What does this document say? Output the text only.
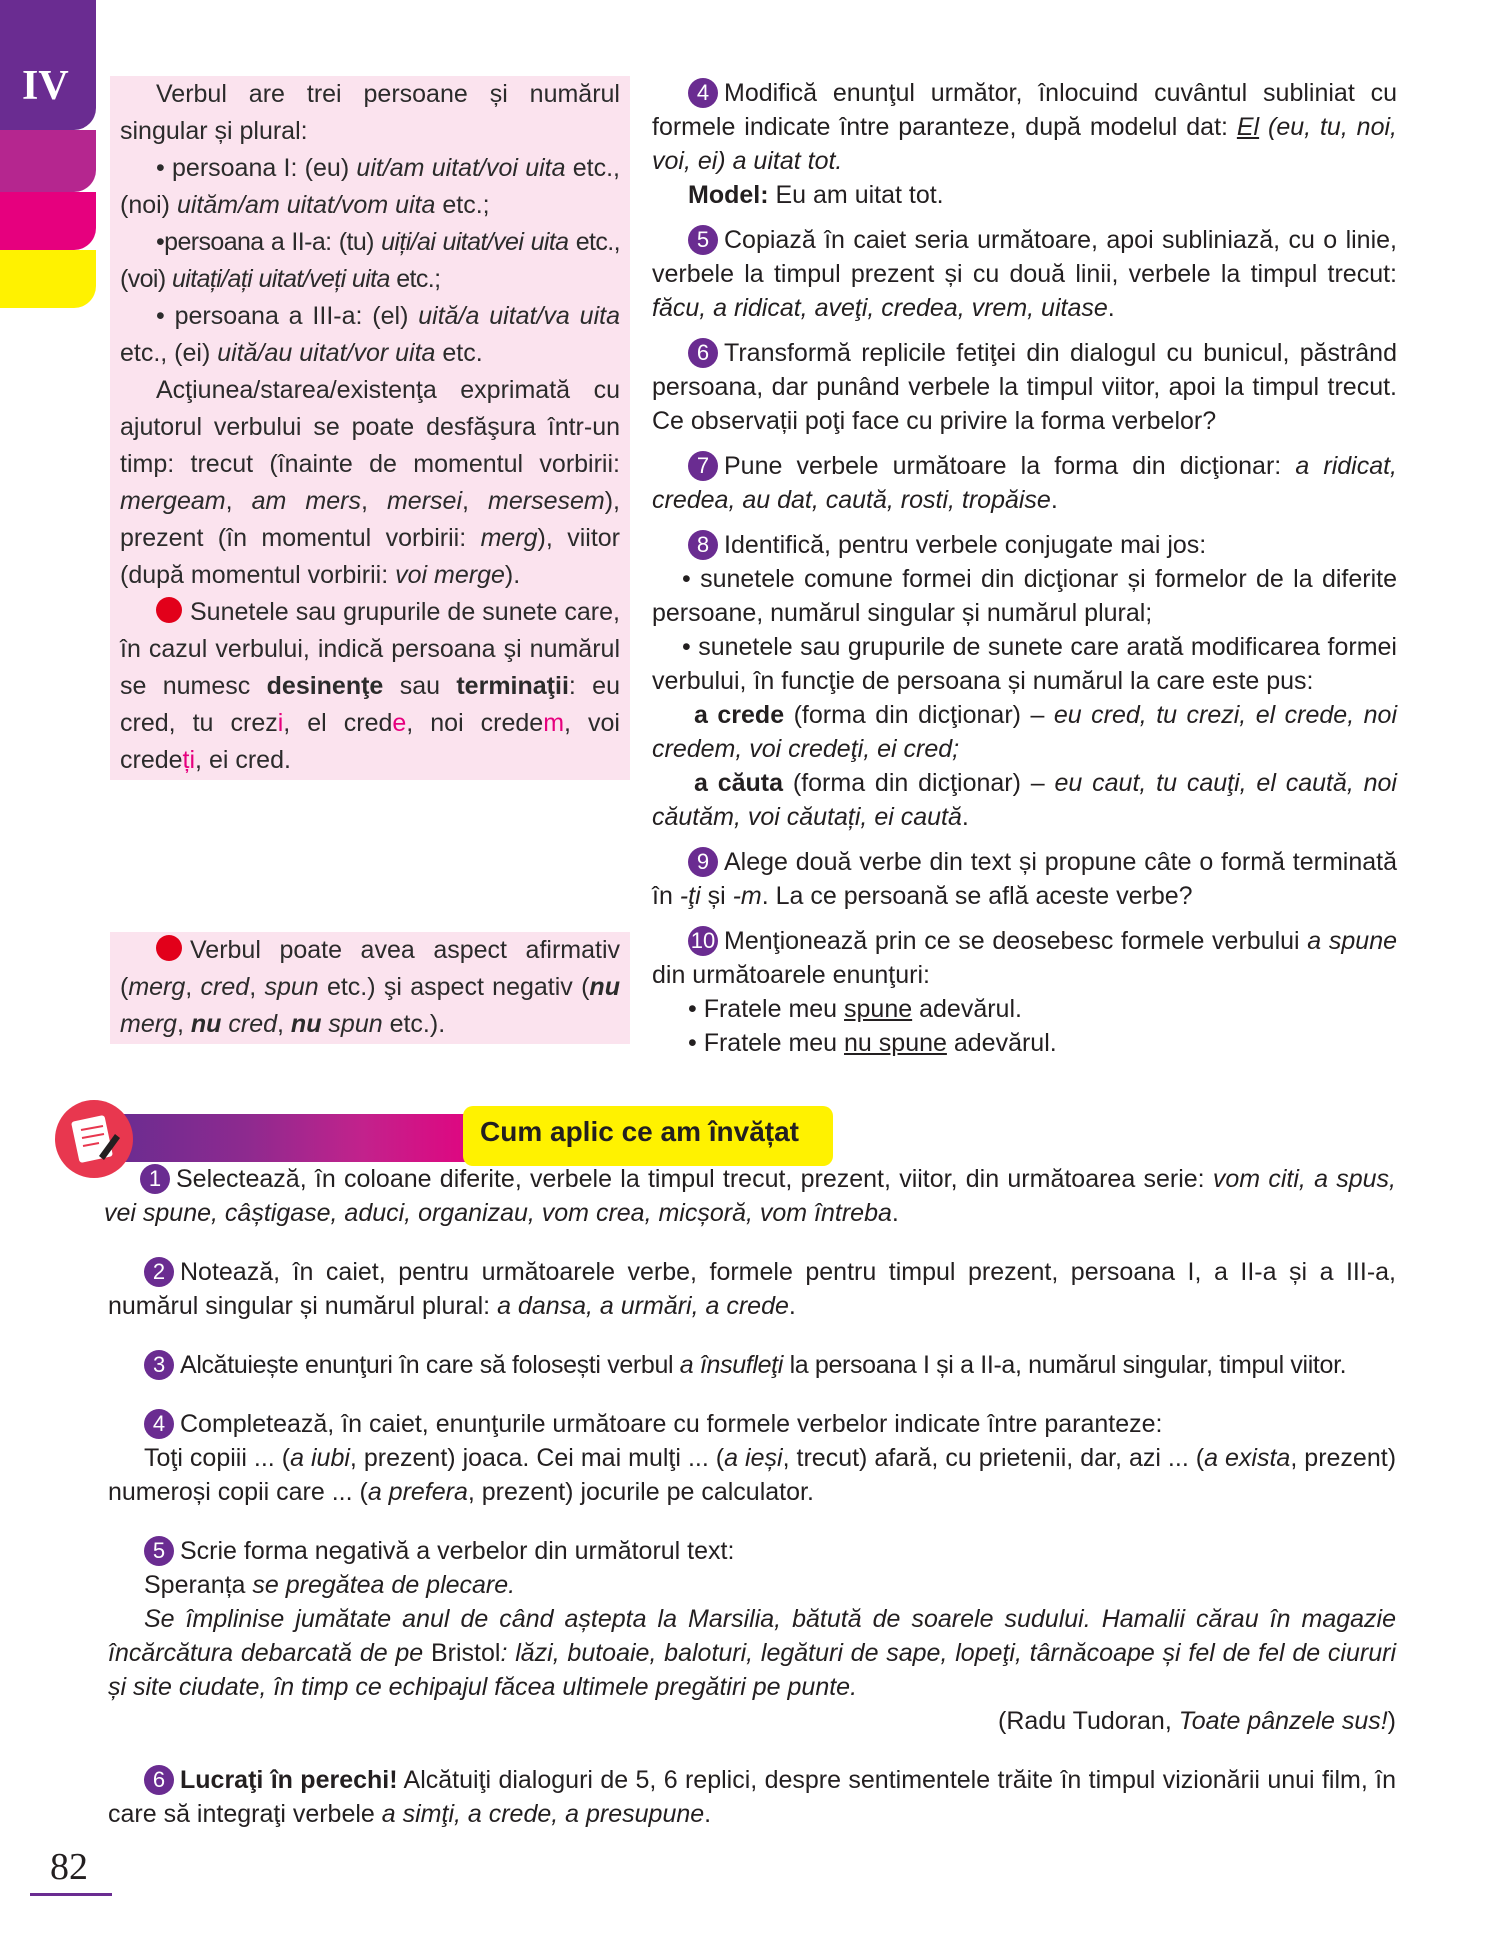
IV	Verbul are trei persoane și numărul singular și plural:

• persoana I: (eu) uit/am uitat/voi uita etc., (noi) uităm/am uitat/vom uita etc.;

•persoana a II-a: (tu) uiți/ai uitat/vei uita etc., (voi) uitați/ați uitat/veți uita etc.;

• persoana a III-a: (el) uită/a uitat/va uita etc., (ei) uită/au uitat/vor uita etc.

Acţiunea/starea/existenţa exprimată cu ajutorul verbului se poate desfăşura într-un timp: trecut (înainte de momentul vorbirii: mergeam, am mers, mersei, mersesem), prezent (în momentul vorbirii: merg), viitor (după momentul vorbirii: voi merge).

Sunetele sau grupurile de sunete care, în cazul verbului, indică persoana şi numărul se numesc desinenţe sau terminaţii: eu cred, tu crezi, el crede, noi credem, voi credeți, ei cred.

Verbul poate avea aspect afirmativ (merg, cred, spun etc.) şi aspect negativ (nu merg, nu cred, nu spun etc.).

4 Modifică enunţul următor, înlocuind cuvântul subliniat cu formele indicate între paranteze, după modelul dat: El (eu, tu, noi, voi, ei) a uitat tot.

Model: Eu am uitat tot.

5 Copiază în caiet seria următoare, apoi subliniază, cu o linie, verbele la timpul prezent și cu două linii, verbele la timpul trecut: făcu, a ridicat, aveţi, credea, vrem, uitase.

6 Transformă replicile fetiţei din dialogul cu bunicul, păstrând persoana, dar punând verbele la timpul viitor, apoi la timpul trecut. Ce observații poţi face cu privire la forma verbelor?

7 Pune verbele următoare la forma din dicţionar: a ridicat, credea, au dat, caută, rosti, tropăise.

8 Identifică, pentru verbele conjugate mai jos:

• sunetele comune formei din dicţionar și formelor de la diferite persoane, numărul singular și numărul plural;

• sunetele sau grupurile de sunete care arată modificarea formei verbului, în funcţie de persoana și numărul la care este pus:

a crede (forma din dicţionar) – eu cred, tu crezi, el crede, noi credem, voi credeţi, ei cred;

a căuta (forma din dicţionar) – eu caut, tu cauţi, el caută, noi căutăm, voi căutați, ei caută.

9 Alege două verbe din text și propune câte o formă terminată în -ţi și -m. La ce persoană se află aceste verbe?

10 Menţionează prin ce se deosebesc formele verbului a spune din următoarele enunţuri:

• Fratele meu spune adevărul.

• Fratele meu nu spune adevărul.

Cum aplic ce am învățat

1 Selectează, în coloane diferite, verbele la timpul trecut, prezent, viitor, din următoarea serie: vom citi, a spus, vei spune, câștigase, aduci, organizau, vom crea, micșoră, vom întreba.

2 Notează, în caiet, pentru următoarele verbe, formele pentru timpul prezent, persoana I, a II-a și a III-a, numărul singular și numărul plural: a dansa, a urmări, a crede.

3 Alcătuiește enunţuri în care să folosești verbul a însufleţi la persoana I și a II-a, numărul singular, timpul viitor.

4 Completează, în caiet, enunţurile următoare cu formele verbelor indicate între paranteze:

Toţi copiii ... (a iubi, prezent) joaca. Cei mai mulţi ... (a ieși, trecut) afară, cu prietenii, dar, azi ... (a exista, prezent) numeroși copii care ... (a prefera, prezent) jocurile pe calculator.

5 Scrie forma negativă a verbelor din următorul text:

Speranța se pregătea de plecare.

Se împlinise jumătate anul de când aștepta la Marsilia, bătută de soarele sudului. Hamalii cărau în magazie încărcătura debarcată de pe Bristol: lăzi, butoaie, baloturi, legături de sape, lopeţi, târnăcoape și fel de fel de ciururi și site ciudate, în timp ce echipajul făcea ultimele pregătiri pe punte.

(Radu Tudoran, Toate pânzele sus!)

6 Lucraţi în perechi! Alcătuiţi dialoguri de 5, 6 replici, despre sentimentele trăite în timpul vizionării unui film, în care să integraţi verbele a simţi, a crede, a presupune.

82
